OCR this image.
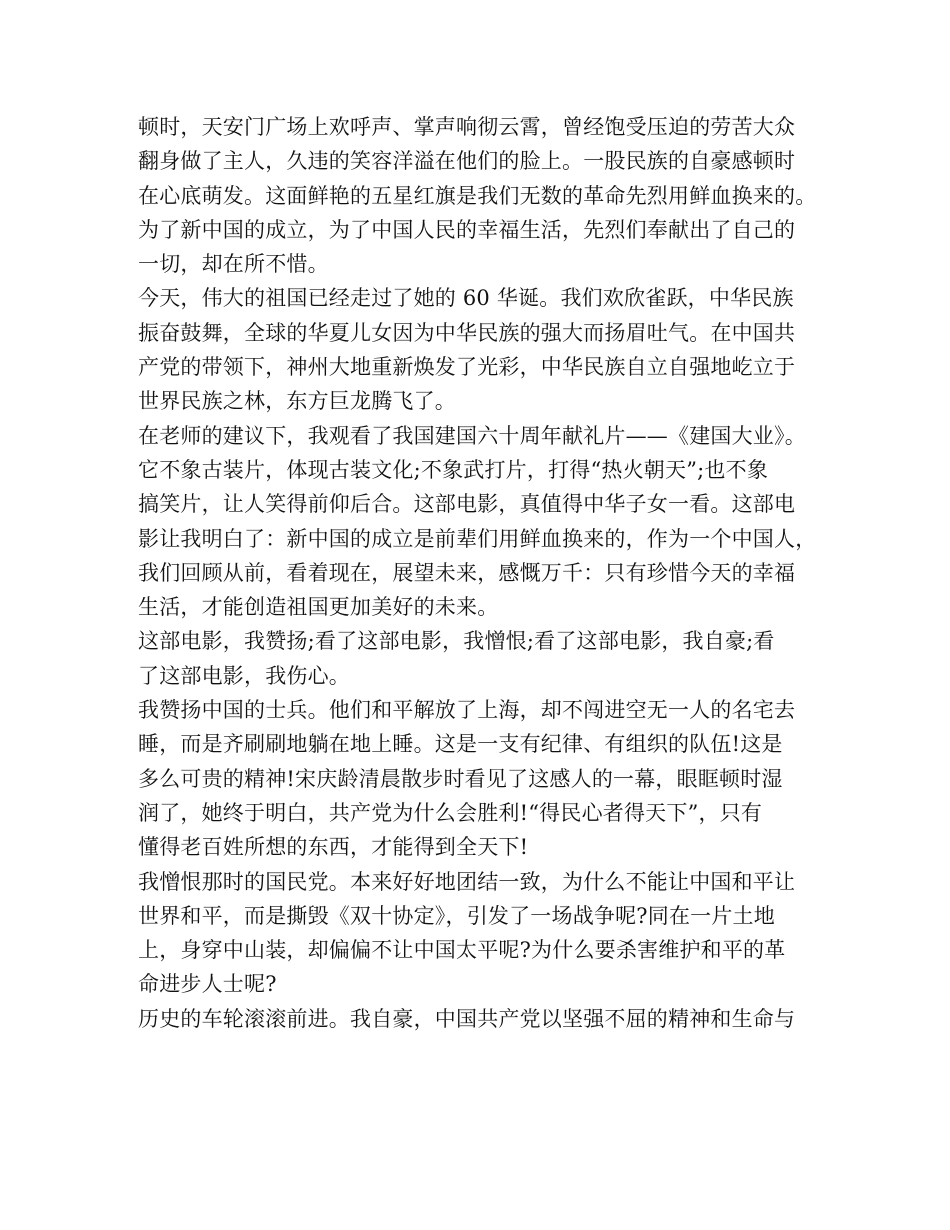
顿时，天安门广场上欢呼声、掌声响彻云霄，曾经饱受压迫的劳苦大众
翻身做了主人，久违的笑容洋溢在他们的脸上。一股民族的自豪感顿时
在心底萌发。这面鲜艳的五星红旗是我们无数的革命先烈用鲜血换来的。
为了新中国的成立，为了中国人民的幸福生活，先烈们奉献出了自己的
一切，却在所不惜。
今天，伟大的祖国已经走过了她的 60 华诞。我们欢欣雀跃，中华民族
振奋鼓舞，全球的华夏儿女因为中华民族的强大而扬眉吐气。在中国共
产党的带领下，神州大地重新焕发了光彩，中华民族自立自强地屹立于
世界民族之林，东方巨龙腾飞了。
在老师的建议下，我观看了我国建国六十周年献礼片——《建国大业》。
它不象古装片，体现古装文化;不象武打片，打得“热火朝天”;也不象
搞笑片，让人笑得前仰后合。这部电影，真值得中华子女一看。这部电
影让我明白了：新中国的成立是前辈们用鲜血换来的，作为一个中国人，
我们回顾从前，看着现在，展望未来，感慨万千：只有珍惜今天的幸福
生活，才能创造祖国更加美好的未来。
这部电影，我赞扬;看了这部电影，我憎恨;看了这部电影，我自豪;看
了这部电影，我伤心。
我赞扬中国的士兵。他们和平解放了上海，却不闯进空无一人的名宅去
睡，而是齐刷刷地躺在地上睡。这是一支有纪律、有组织的队伍!这是
多么可贵的精神!宋庆龄清晨散步时看见了这感人的一幕，眼眶顿时湿
润了，她终于明白，共产党为什么会胜利!“得民心者得天下”，只有
懂得老百姓所想的东西，才能得到全天下!
我憎恨那时的国民党。本来好好地团结一致，为什么不能让中国和平让
世界和平，而是撕毁《双十协定》，引发了一场战争呢?同在一片土地
上，身穿中山装，却偏偏不让中国太平呢?为什么要杀害维护和平的革
命进步人士呢?
历史的车轮滚滚前进。我自豪，中国共产党以坚强不屈的精神和生命与
